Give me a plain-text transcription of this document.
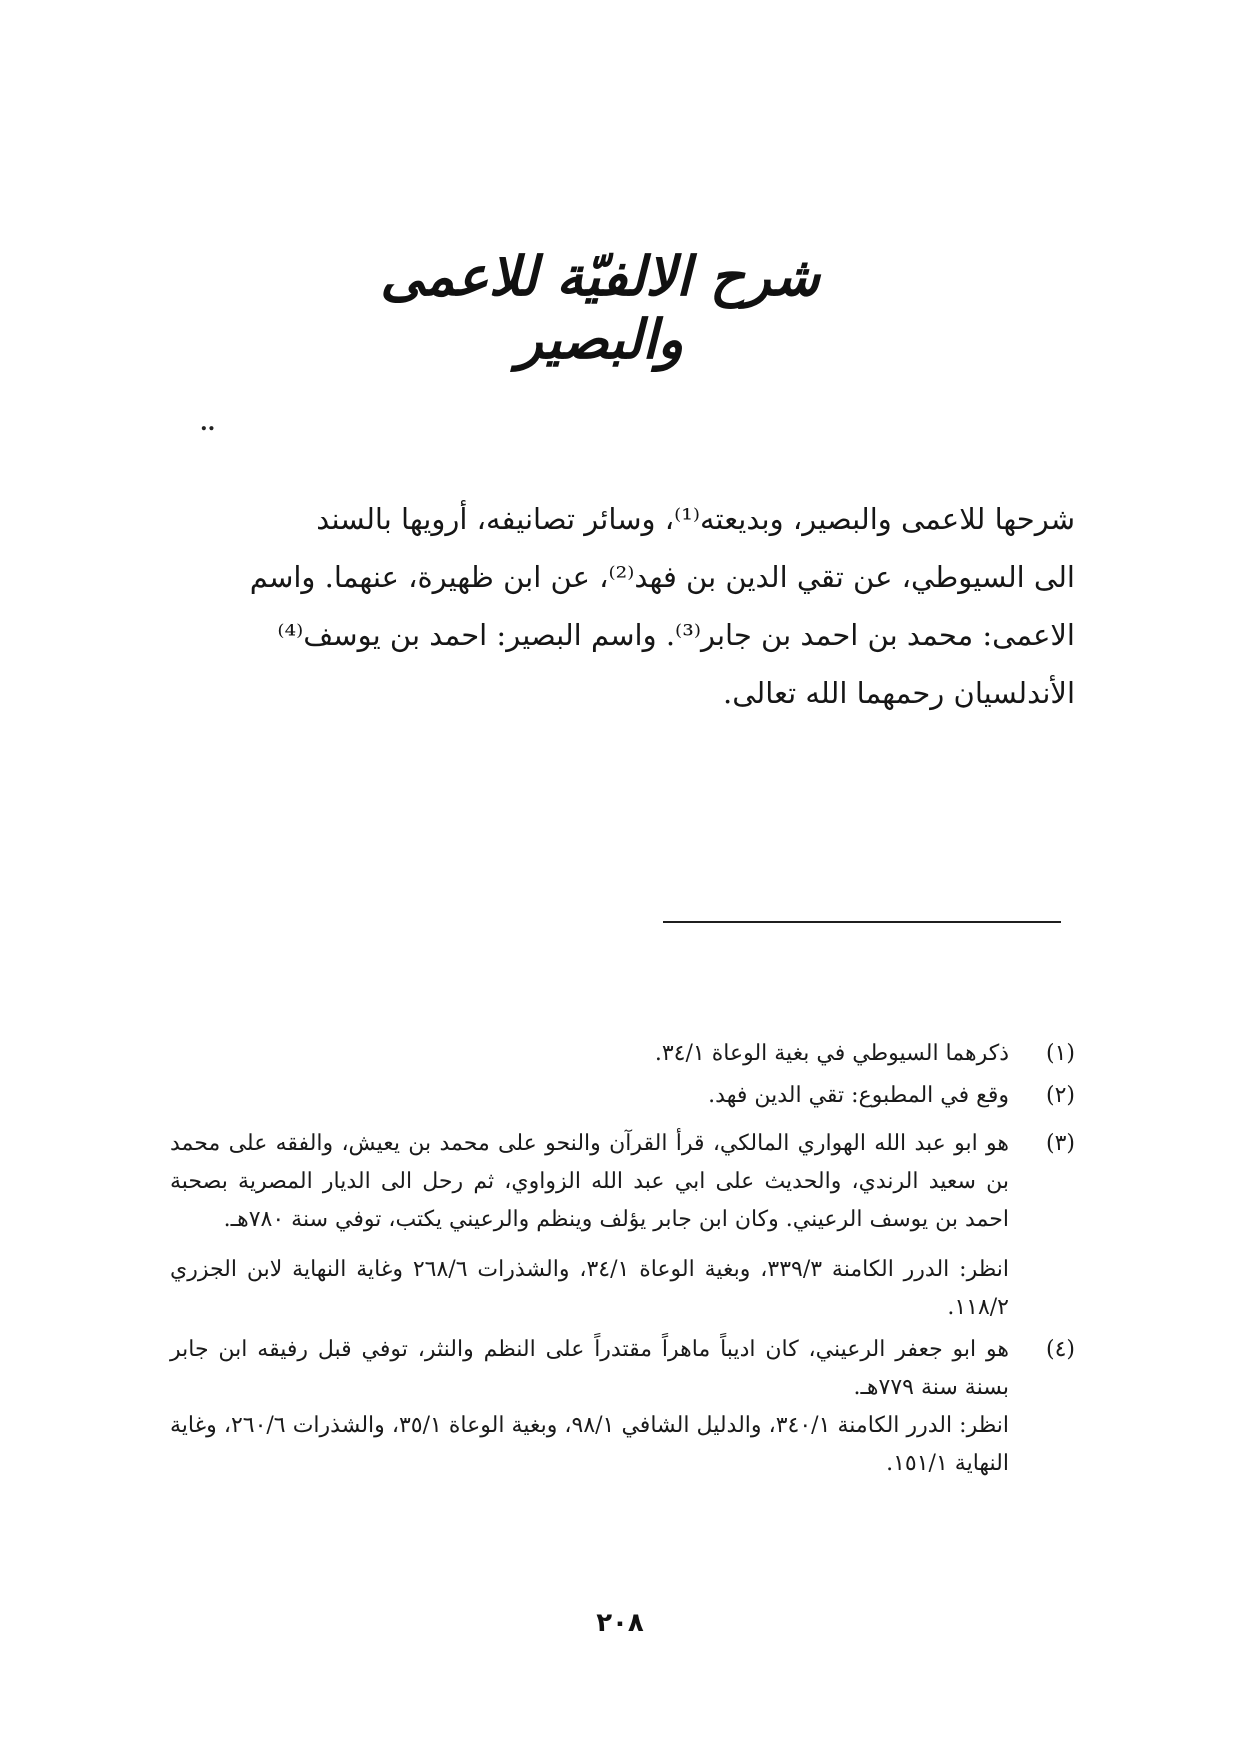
شرح الالفيّة للاعمى والبصير
..

شرحها للاعمى والبصير، وبديعته⁽¹⁾، وسائر تصانيفه، أرويها بالسند

الى السيوطي، عن تقي الدين بن فهد⁽²⁾، عن ابن ظهيرة، عنهما. واسم

الاعمى: محمد بن احمد بن جابر⁽³⁾. واسم البصير: احمد بن يوسف⁽⁴⁾

الأندلسيان رحمهما الله تعالى.

(١)

ذكرهما السيوطي في بغية الوعاة ٣٤/١.

(٢)

وقع في المطبوع: تقي الدين فهد.

(٣)

هو ابو عبد الله الهواري المالكي، قرأ القرآن والنحو على محمد بن يعيش، والفقه على محمد بن سعيد الرندي، والحديث على ابي عبد الله الزواوي، ثم رحل الى الديار المصرية بصحبة احمد بن يوسف الرعيني. وكان ابن جابر يؤلف وينظم والرعيني يكتب، توفي سنة ٧٨٠هـ.

انظر: الدرر الكامنة ٣٣٩/٣، وبغية الوعاة ٣٤/١، والشذرات ٢٦٨/٦ وغاية النهاية لابن الجزري ١١٨/٢.

(٤)

هو ابو جعفر الرعيني، كان اديباً ماهراً مقتدراً على النظم والنثر، توفي قبل رفيقه ابن جابر بسنة سنة ٧٧٩هـ.

انظر: الدرر الكامنة ٣٤٠/١، والدليل الشافي ٩٨/١، وبغية الوعاة ٣٥/١، والشذرات ٢٦٠/٦، وغاية النهاية ١٥١/١.

٢٠٨
